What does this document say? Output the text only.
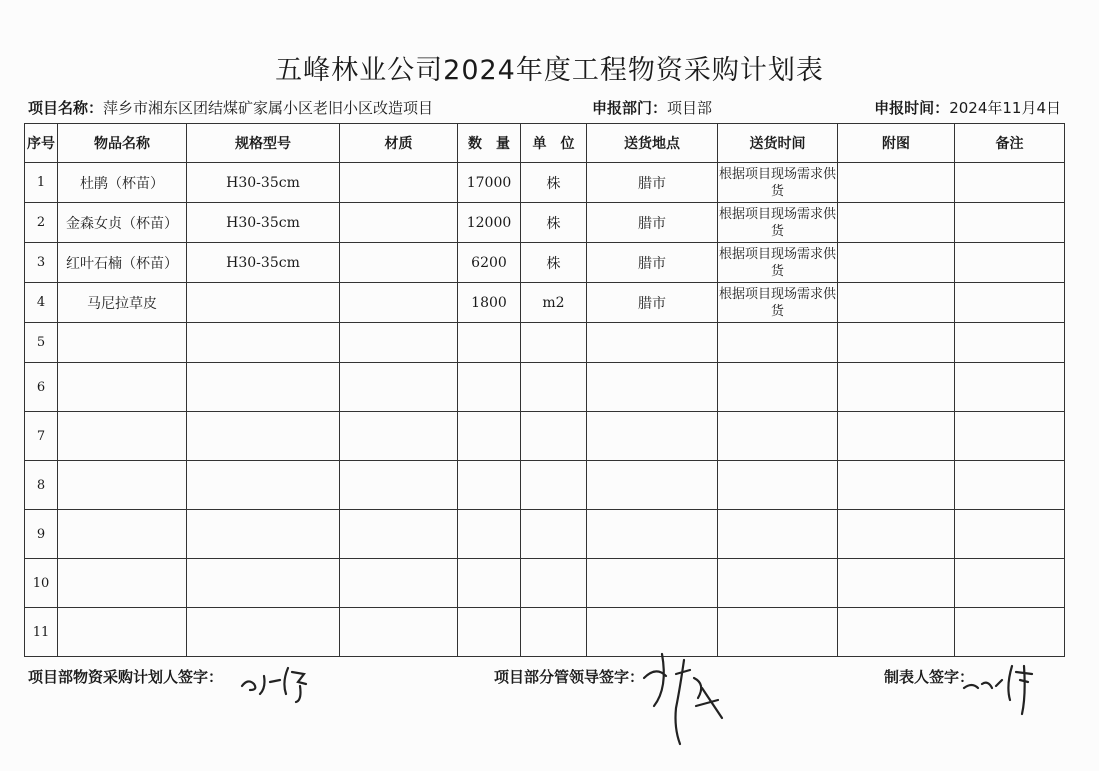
五峰林业公司2024年度工程物资采购计划表
项目名称：萍乡市湘东区团结煤矿家属小区老旧小区改造项目	申报部门：项目部	申报时间：2024年11月4日
序号	物品名称	规格型号	材质	数　量	单　位	送货地点	送货时间	附图	备注
1	杜鹃（杯苗）	H30-35cm		17000	株	腊市	根据项目现场需求供货		
2	金森女贞（杯苗）	H30-35cm		12000	株	腊市	根据项目现场需求供货		
3	红叶石楠（杯苗）	H30-35cm		6200	株	腊市	根据项目现场需求供货		
4	马尼拉草皮			1800	m2	腊市	根据项目现场需求供货		
5									
6									
7									
8									
9									
10									
11									
项目部物资采购计划人签字：	项目部分管领导签字：	制表人签字：
